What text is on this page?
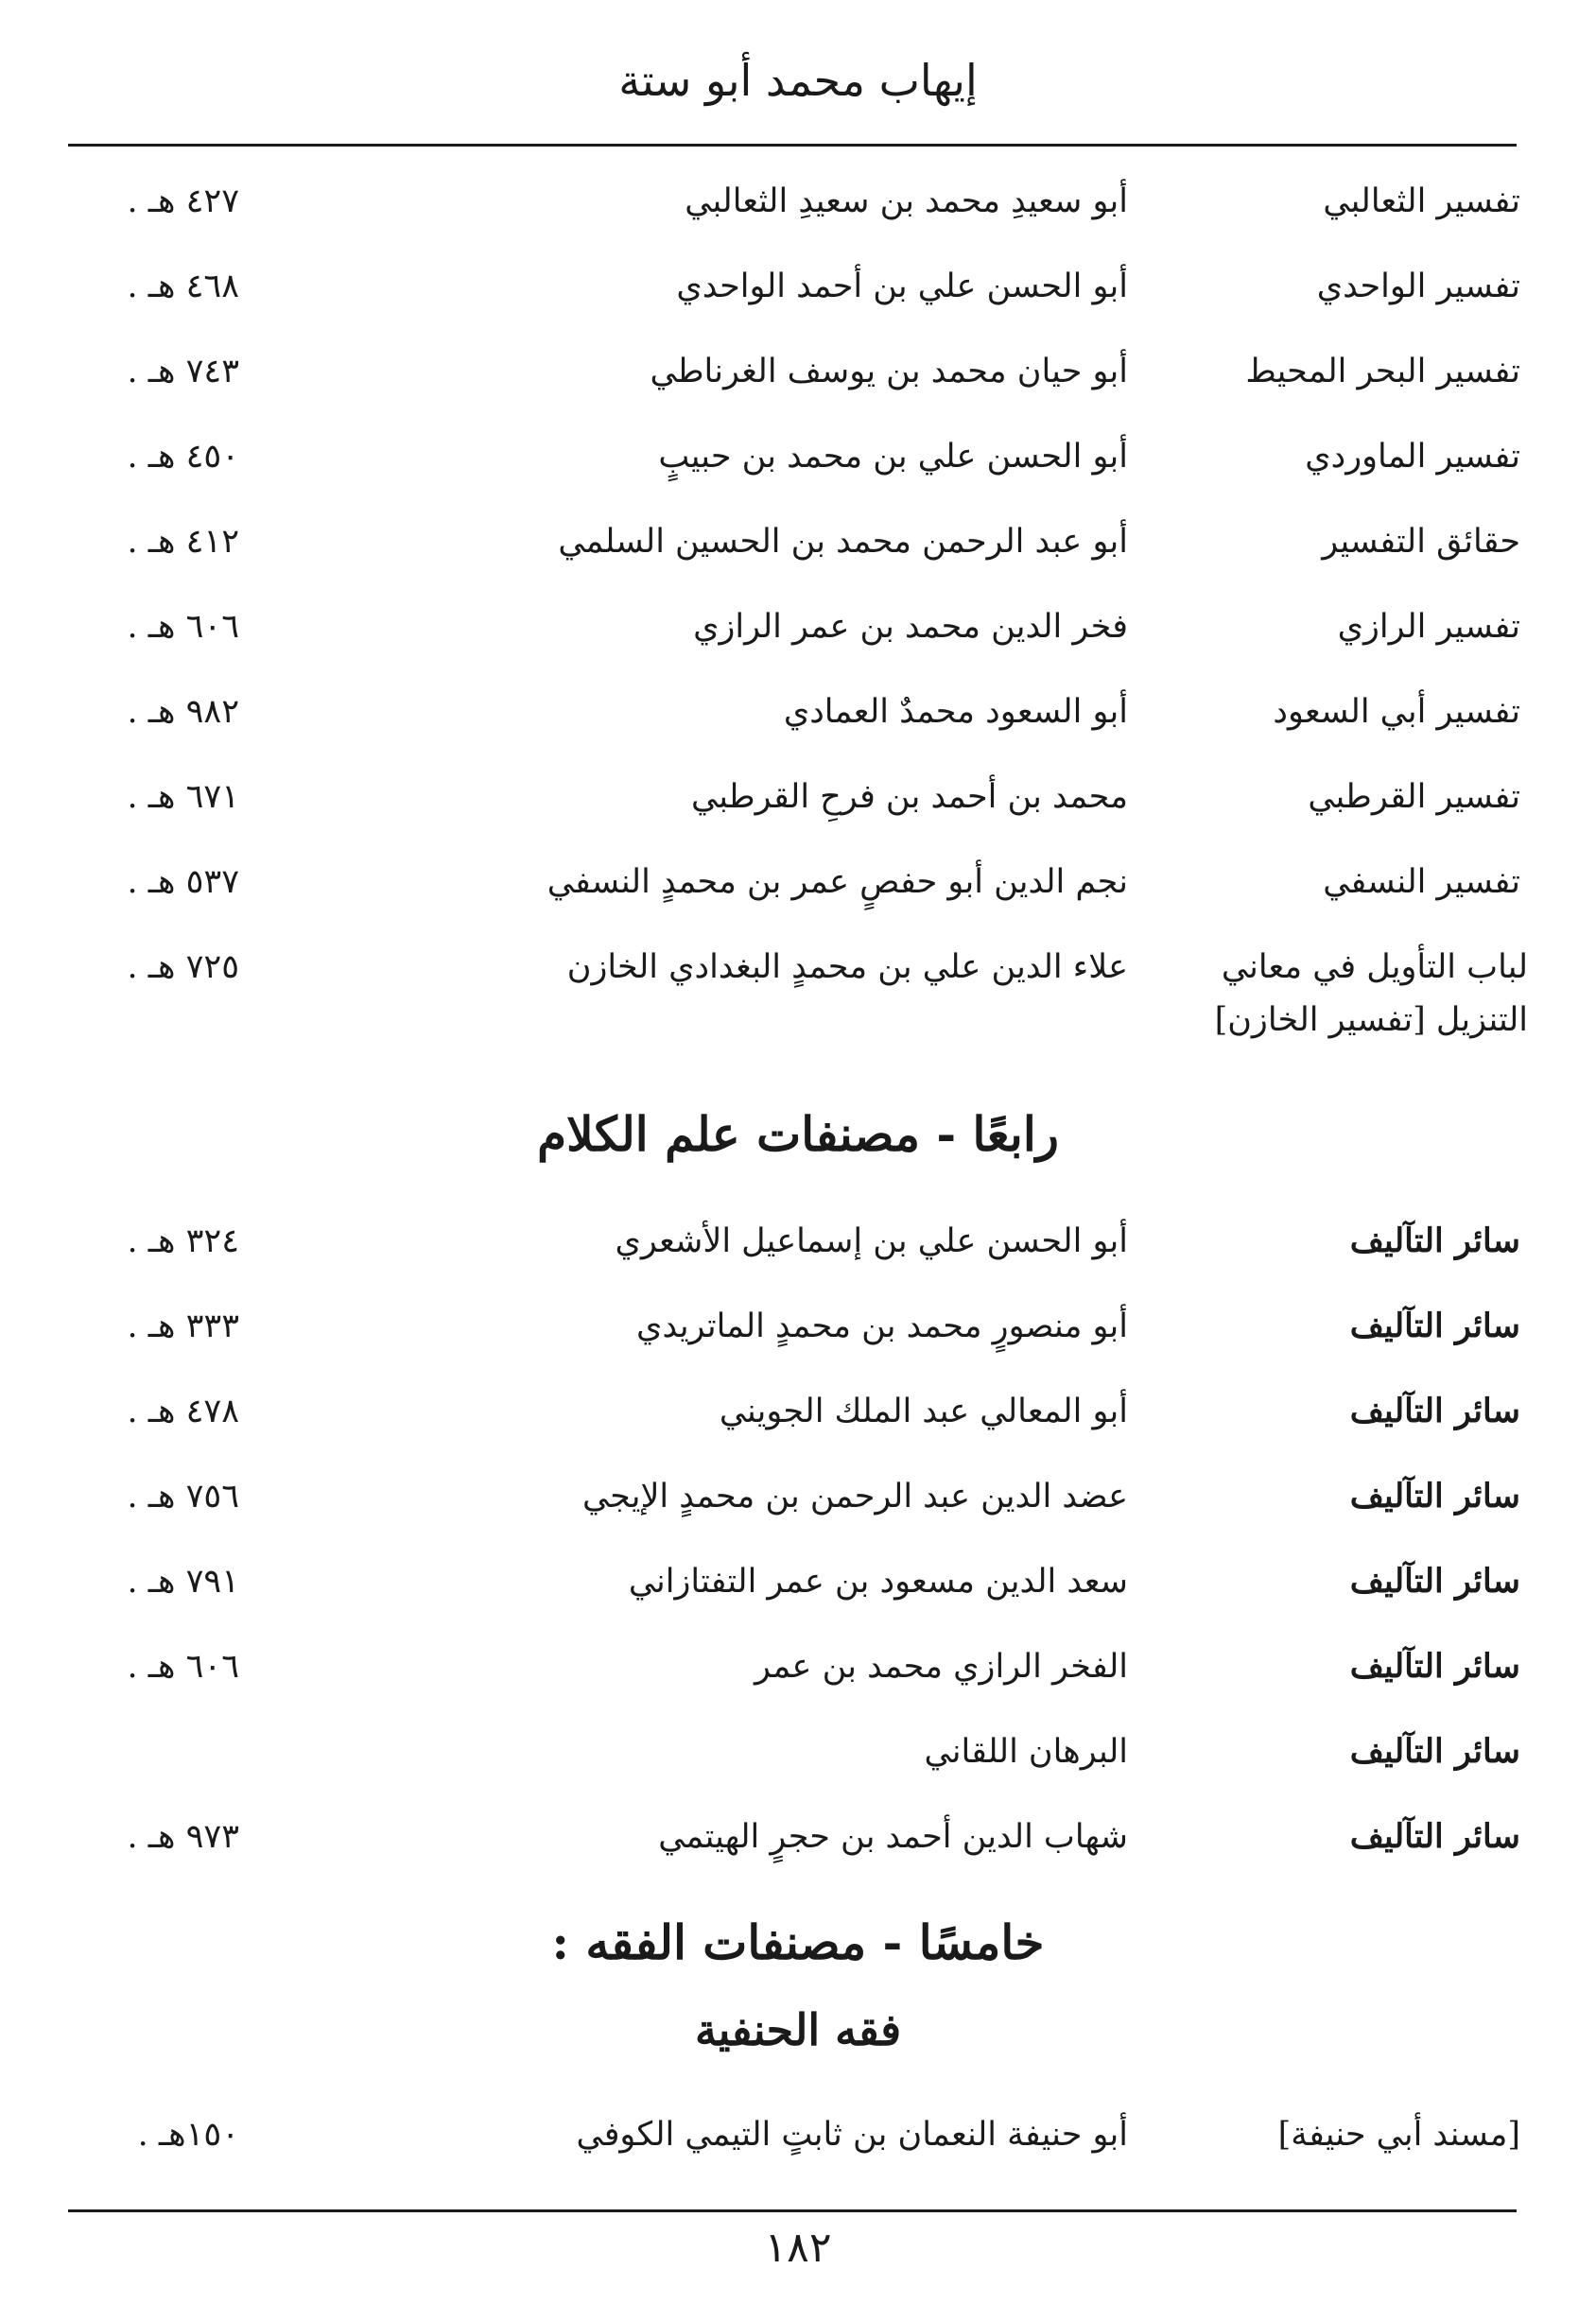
إيهاب محمد أبو ستة
تفسير الثعالبي
أبو سعيدِ محمد بن سعيدِ الثعالبي
٤٢٧ هـ .
تفسير الواحدي
أبو الحسن علي بن أحمد الواحدي
٤٦٨ هـ .
تفسير البحر المحيط
أبو حيان محمد بن يوسف الغرناطي
٧٤٣ هـ .
تفسير الماوردي
أبو الحسن علي بن محمد بن حبيبٍ
٤٥٠ هـ .
حقائق التفسير
أبو عبد الرحمن محمد بن الحسين السلمي
٤١٢ هـ .
تفسير الرازي
فخر الدين محمد بن عمر الرازي
٦٠٦ هـ .
تفسير أبي السعود
أبو السعود محمدٌ العمادي
٩٨٢ هـ .
تفسير القرطبي
محمد بن أحمد بن فرحِ القرطبي
٦٧١ هـ .
تفسير النسفي
نجم الدين أبو حفصٍ عمر بن محمدٍ النسفي
٥٣٧ هـ .
لباب التأويل في معاني التنزيل [تفسير الخازن]
علاء الدين علي بن محمدٍ البغدادي الخازن
٧٢٥ هـ .
رابعًا - مصنفات علم الكلام
سائر التآليف
أبو الحسن علي بن إسماعيل الأشعري
٣٢٤ هـ .
سائر التآليف
أبو منصورٍ محمد بن محمدٍ الماتريدي
٣٣٣ هـ .
سائر التآليف
أبو المعالي عبد الملك الجويني
٤٧٨ هـ .
سائر التآليف
عضد الدين عبد الرحمن بن محمدٍ الإيجي
٧٥٦ هـ .
سائر التآليف
سعد الدين مسعود بن عمر التفتازاني
٧٩١ هـ .
سائر التآليف
الفخر الرازي محمد بن عمر
٦٠٦ هـ .
سائر التآليف
البرهان اللقاني
سائر التآليف
شهاب الدين أحمد بن حجرٍ الهيتمي
٩٧٣ هـ .
خامسًا - مصنفات الفقه :
فقه الحنفية
[مسند أبي حنيفة]
أبو حنيفة النعمان بن ثابتٍ التيمي الكوفي
١٥٠هـ .
١٨٢
